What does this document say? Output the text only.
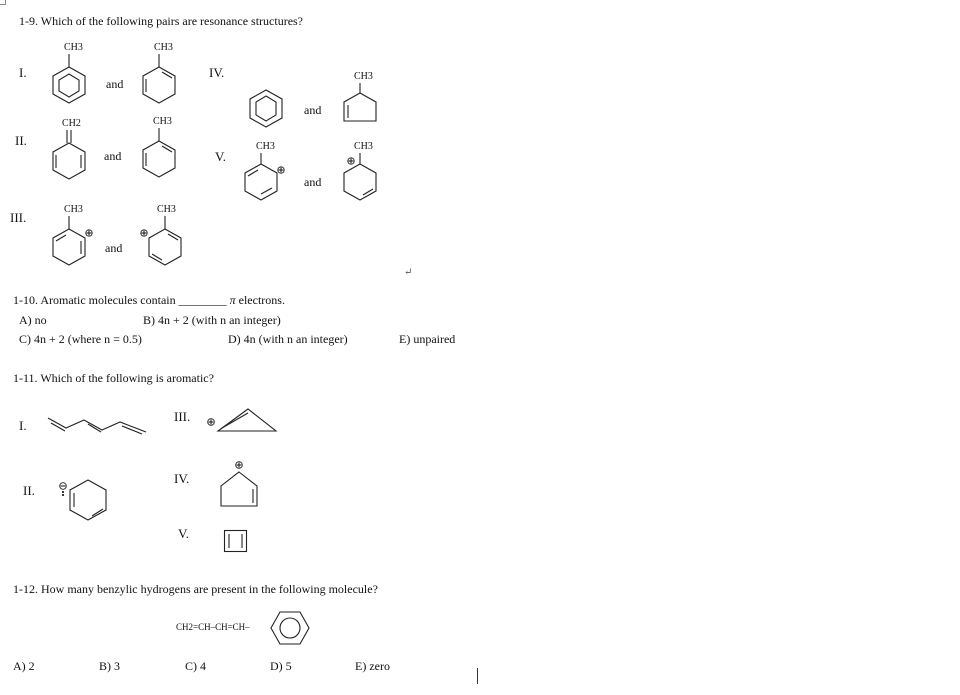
1-9. Which of the following pairs are resonance structures?
I.
CH3
and
CH3
II.
CH2
and
CH3
III.
CH3
and
CH3
IV.
and
CH3
V.
CH3
and
CH3
↵
1-10. Aromatic molecules contain ________ π electrons.
A) no	B) 4n + 2 (with n an integer)
C) 4n + 2 (where n = 0.5)	D) 4n (with n an integer)	E) unpaired
1-11. Which of the following is aromatic?
I.
II.
III.
IV.
V.
1-12. How many benzylic hydrogens are present in the following molecule?
CH2=CH–CH=CH–
A) 2	B) 3	C) 4	D) 5	E) zero
